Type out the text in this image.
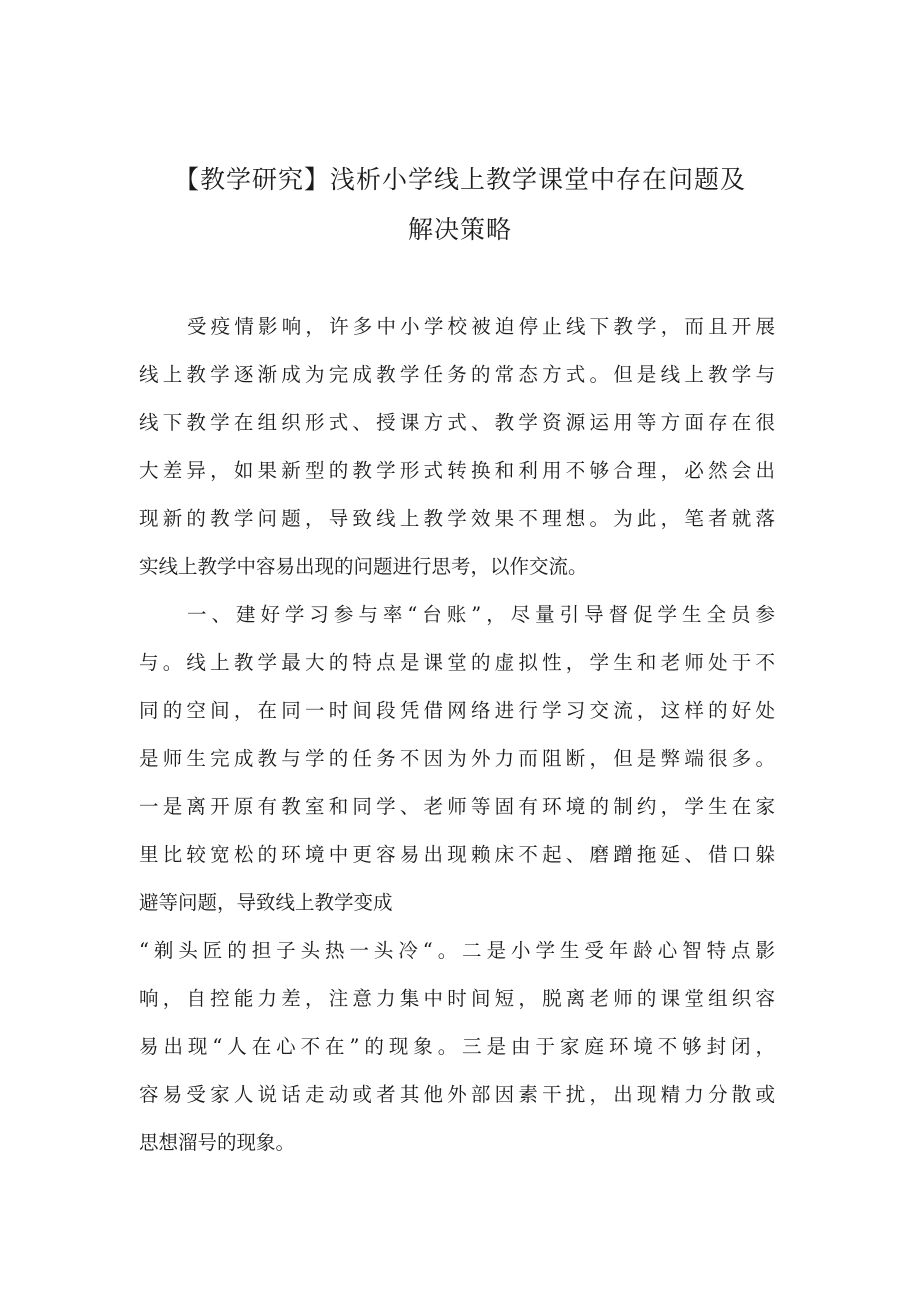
【教学研究】浅析小学线上教学课堂中存在问题及
解决策略

受疫情影响，许多中小学校被迫停止线下教学，而且开展

线上教学逐渐成为完成教学任务的常态方式。但是线上教学与

线下教学在组织形式、授课方式、教学资源运用等方面存在很

大差异，如果新型的教学形式转换和利用不够合理，必然会出

现新的教学问题，导致线上教学效果不理想。为此，笔者就落

实线上教学中容易出现的问题进行思考，以作交流。

一、建好学习参与率“台账”，尽量引导督促学生全员参

与。线上教学最大的特点是课堂的虚拟性，学生和老师处于不

同的空间，在同一时间段凭借网络进行学习交流，这样的好处

是师生完成教与学的任务不因为外力而阻断，但是弊端很多。

一是离开原有教室和同学、老师等固有环境的制约，学生在家

里比较宽松的环境中更容易出现赖床不起、磨蹭拖延、借口躲

避等问题，导致线上教学变成

“剃头匠的担子头热一头冷“。二是小学生受年龄心智特点影

响，自控能力差，注意力集中时间短，脱离老师的课堂组织容

易出现“人在心不在”的现象。三是由于家庭环境不够封闭，

容易受家人说话走动或者其他外部因素干扰，出现精力分散或

思想溜号的现象。
